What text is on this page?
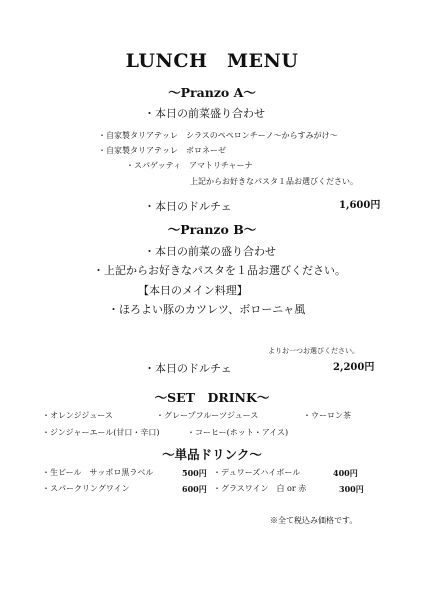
LUNCH　MENU
～Pranzo A～
・本日の前菜盛り合わせ
・自家製タリアテッレ　シラスのペペロンチーノ～からすみがけ～
・自家製タリアテッレ　ボロネーゼ
・スパゲッティ　アマトリチャーナ
上記からお好きなパスタ１品お選びください。
・本日のドルチェ	1,600円
～Pranzo B～
・本日の前菜の盛り合わせ
・上記からお好きなパスタを１品お選びください。
【本日のメイン料理】
・ほろよい豚のカツレツ、ボローニャ風
よりお一つお選びください。
・本日のドルチェ	2,200円
～SET　DRINK～
・オレンジジュース	・グレープフルーツジュース	・ウーロン茶
・ジンジャーエール(甘口・辛口)	・コーヒー(ホット・アイス)
～単品ドリンク～
・生ビール　サッポロ黒ラベル	500円 ・デュワーズハイボール	400円
・スパークリングワイン	600円 ・グラスワイン　白 or 赤	300円
※全て税込み価格です。
